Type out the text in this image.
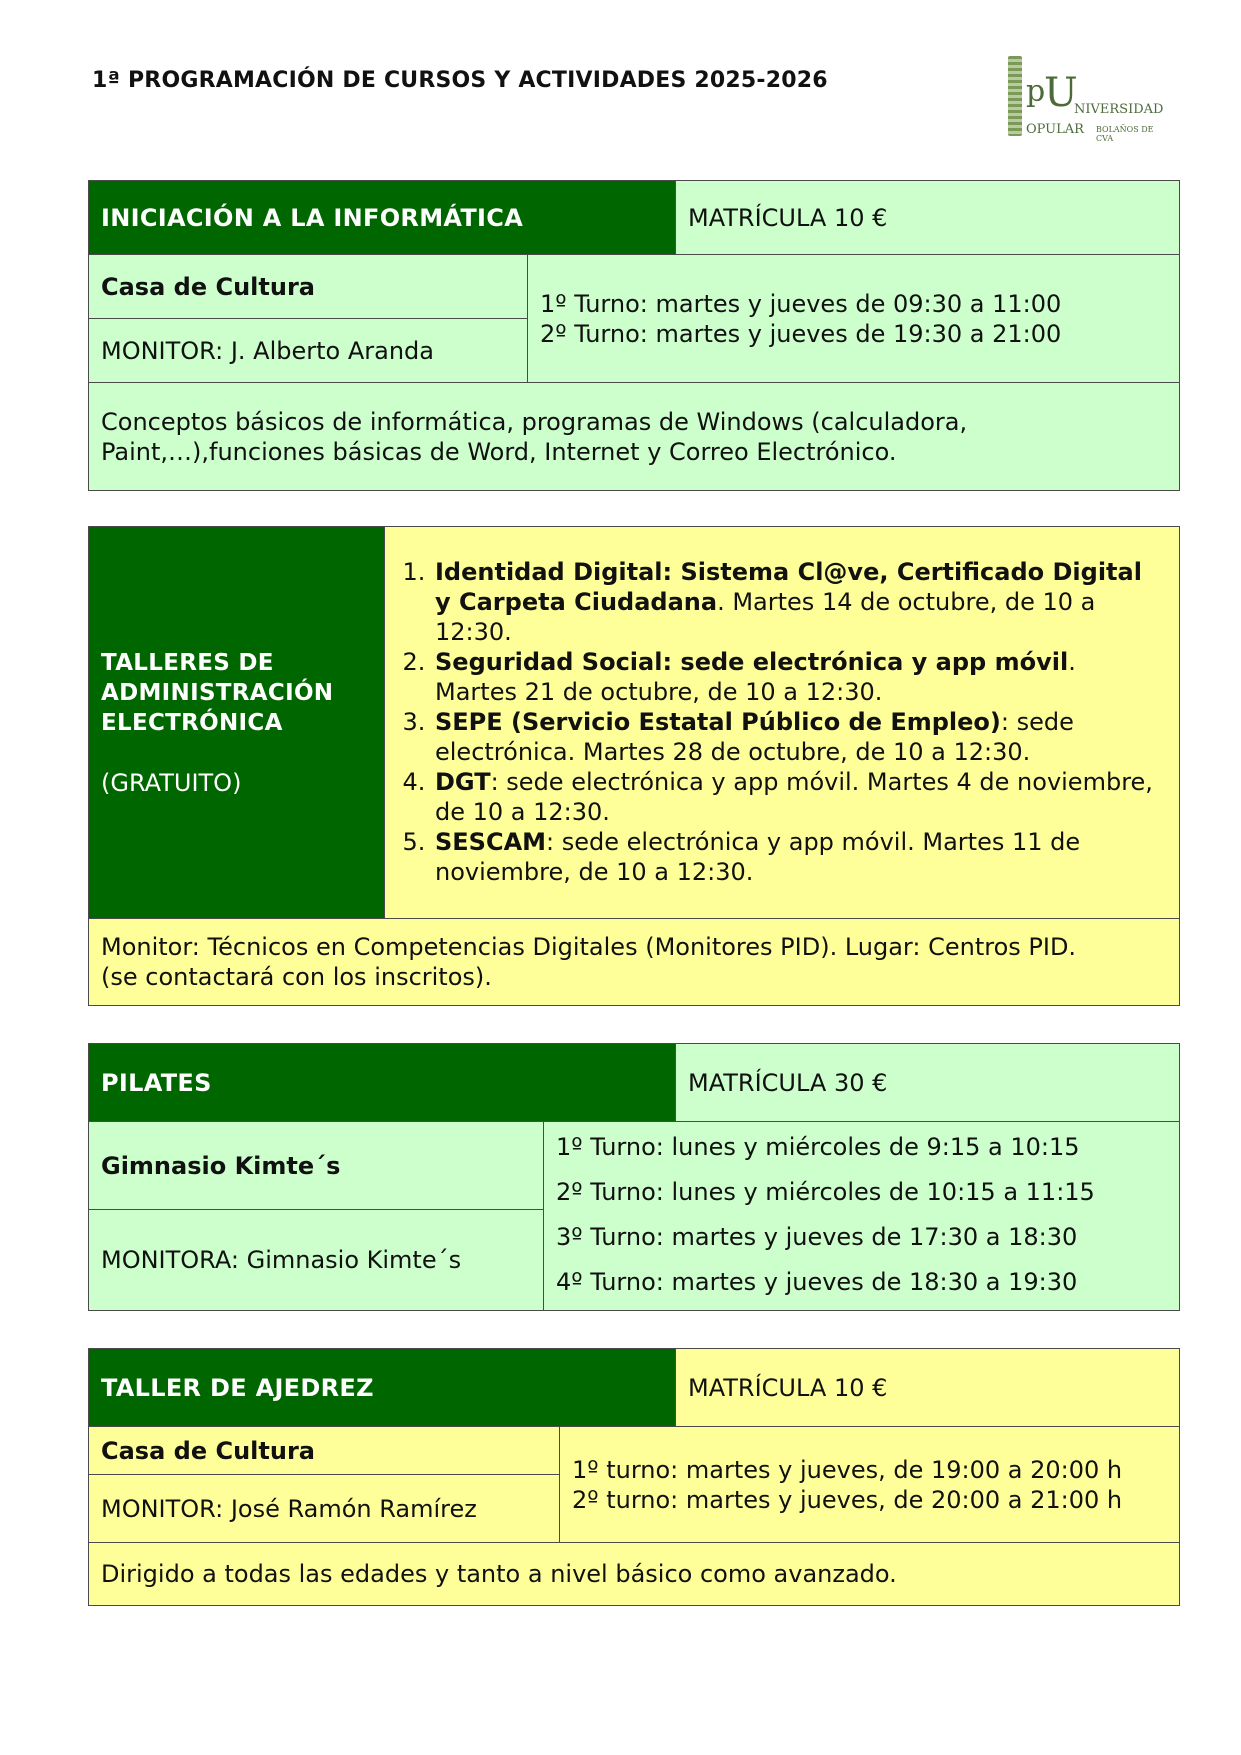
1ª PROGRAMACIÓN DE CURSOS Y ACTIVIDADES 2025-2026	p
U
NIVERSIDAD
OPULAR BOLAÑOS DE CVA
INICIACIÓN A LA INFORMÁTICA	MATRÍCULA 10 €
Casa de Cultura
MONITOR: J. Alberto Aranda

1º Turno: martes y jueves de 09:30 a 11:00

2º Turno: martes y jueves de 19:30 a 21:00

Conceptos básicos de informática, programas de Windows (calculadora, Paint,…),funciones básicas de Word, Internet y Correo Electrónico.

TALLERES DE

ADMINISTRACIÓN

ELECTRÓNICA

(GRATUITO)

1. Identidad Digital: Sistema Cl@ve, Certificado Digital y Carpeta Ciudadana. Martes 14 de octubre, de 10 a 12:30.
2. Seguridad Social: sede electrónica y app móvil. Martes 21 de octubre, de 10 a 12:30.
3. SEPE (Servicio Estatal Público de Empleo): sede electrónica. Martes 28 de octubre, de 10 a 12:30.
4. DGT: sede electrónica y app móvil. Martes 4 de noviembre, de 10 a 12:30.
5. SESCAM: sede electrónica y app móvil. Martes 11 de noviembre, de 10 a 12:30.

Monitor: Técnicos en Competencias Digitales (Monitores PID). Lugar: Centros PID.

(se contactará con los inscritos).

PILATES	MATRÍCULA 30 €
Gimnasio Kimte´s
MONITORA: Gimnasio Kimte´s

1º Turno: lunes y miércoles de 9:15 a 10:15

2º Turno: lunes y miércoles de 10:15 a 11:15

3º Turno: martes y jueves de 17:30 a 18:30

4º Turno: martes y jueves de 18:30 a 19:30

TALLER DE AJEDREZ	MATRÍCULA 10 €
Casa de Cultura
MONITOR: José Ramón Ramírez

1º turno: martes y jueves, de 19:00 a 20:00 h

2º turno: martes y jueves, de 20:00 a 21:00 h

Dirigido a todas las edades y tanto a nivel básico como avanzado.
